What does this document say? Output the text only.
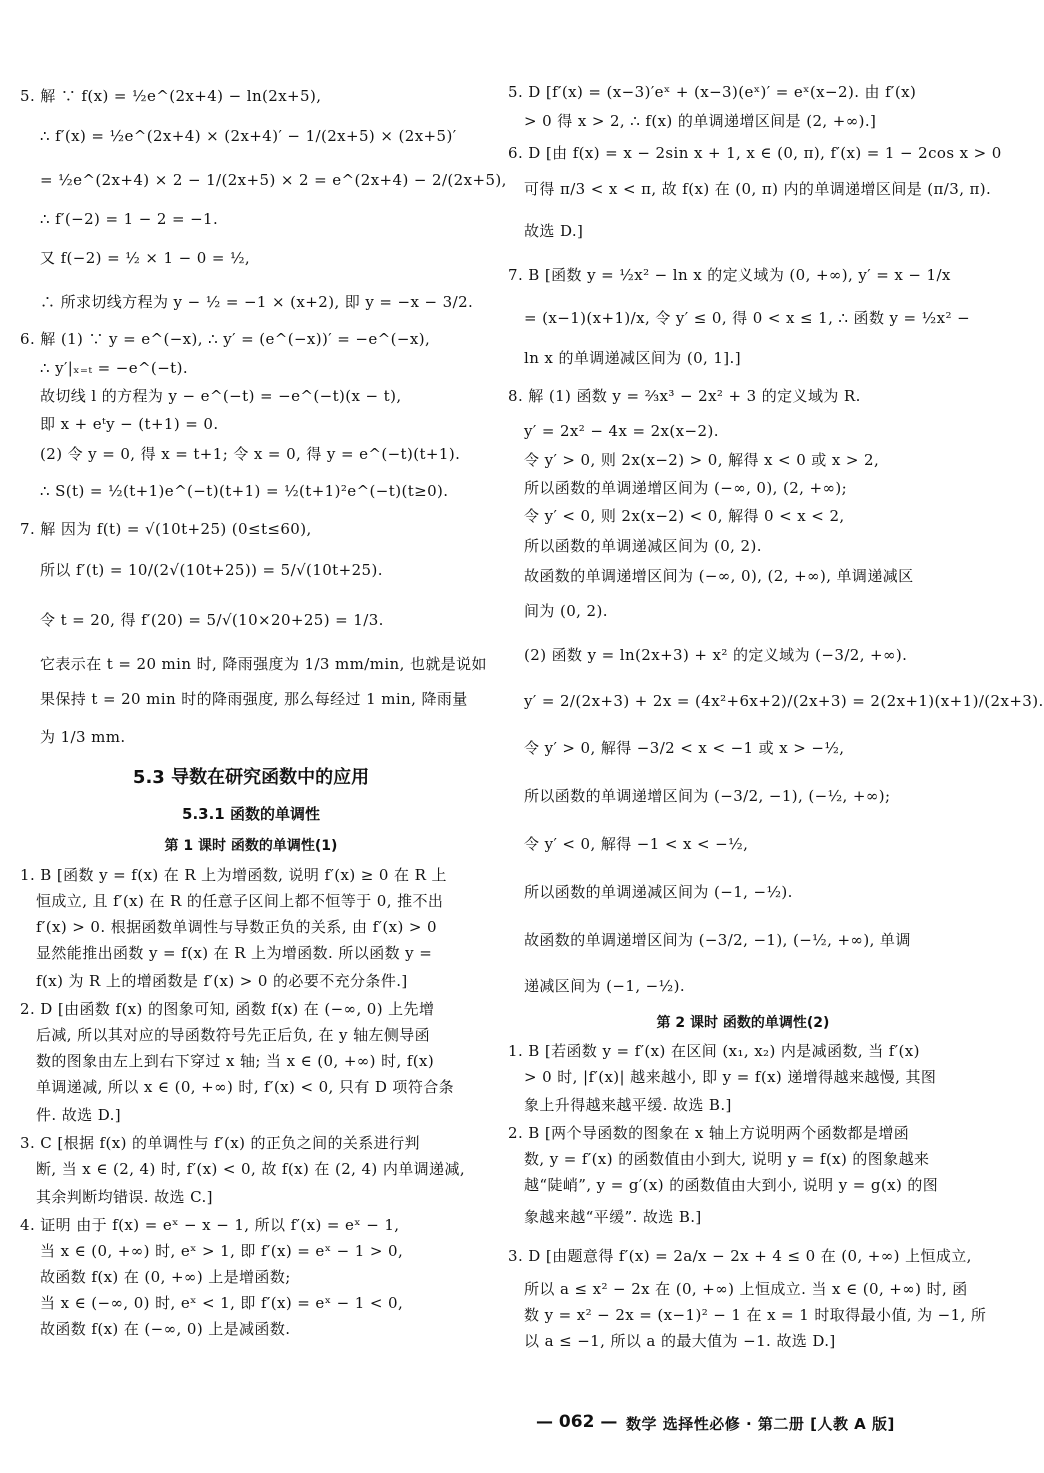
5. 解 ∵ f(x) = ½e^(2x+4) − ln(2x+5),

∴ f′(x) = ½e^(2x+4) × (2x+4)′ − 1/(2x+5) × (2x+5)′

= ½e^(2x+4) × 2 − 1/(2x+5) × 2 = e^(2x+4) − 2/(2x+5),

∴ f′(−2) = 1 − 2 = −1.

又 f(−2) = ½ × 1 − 0 = ½,

∴ 所求切线方程为 y − ½ = −1 × (x+2), 即 y = −x − 3/2.

6. 解 (1) ∵ y = e^(−x), ∴ y′ = (e^(−x))′ = −e^(−x),

∴ y′|ₓ₌ₜ = −e^(−t).

故切线 l 的方程为 y − e^(−t) = −e^(−t)(x − t),

即 x + eᵗy − (t+1) = 0.

(2) 令 y = 0, 得 x = t+1; 令 x = 0, 得 y = e^(−t)(t+1).

∴ S(t) = ½(t+1)e^(−t)(t+1) = ½(t+1)²e^(−t)(t≥0).

7. 解 因为 f(t) = √(10t+25) (0≤t≤60),

所以 f′(t) = 10/(2√(10t+25)) = 5/√(10t+25).

令 t = 20, 得 f′(20) = 5/√(10×20+25) = 1/3.

它表示在 t = 20 min 时, 降雨强度为 1/3 mm/min, 也就是说如

果保持 t = 20 min 时的降雨强度, 那么每经过 1 min, 降雨量

为 1/3 mm.

5.3 导数在研究函数中的应用

5.3.1 函数的单调性

第 1 课时 函数的单调性(1)

1. B [函数 y = f(x) 在 R 上为增函数, 说明 f′(x) ≥ 0 在 R 上

恒成立, 且 f′(x) 在 R 的任意子区间上都不恒等于 0, 推不出

f′(x) > 0. 根据函数单调性与导数正负的关系, 由 f′(x) > 0

显然能推出函数 y = f(x) 在 R 上为增函数. 所以函数 y =

f(x) 为 R 上的增函数是 f′(x) > 0 的必要不充分条件.]

2. D [由函数 f(x) 的图象可知, 函数 f(x) 在 (−∞, 0) 上先增

后减, 所以其对应的导函数符号先正后负, 在 y 轴左侧导函

数的图象由左上到右下穿过 x 轴; 当 x ∈ (0, +∞) 时, f(x)

单调递减, 所以 x ∈ (0, +∞) 时, f′(x) < 0, 只有 D 项符合条

件. 故选 D.]

3. C [根据 f(x) 的单调性与 f′(x) 的正负之间的关系进行判

断, 当 x ∈ (2, 4) 时, f′(x) < 0, 故 f(x) 在 (2, 4) 内单调递减,

其余判断均错误. 故选 C.]

4. 证明 由于 f(x) = eˣ − x − 1, 所以 f′(x) = eˣ − 1,

当 x ∈ (0, +∞) 时, eˣ > 1, 即 f′(x) = eˣ − 1 > 0,

故函数 f(x) 在 (0, +∞) 上是增函数;

当 x ∈ (−∞, 0) 时, eˣ < 1, 即 f′(x) = eˣ − 1 < 0,

故函数 f(x) 在 (−∞, 0) 上是减函数.

5. D [f′(x) = (x−3)′eˣ + (x−3)(eˣ)′ = eˣ(x−2). 由 f′(x)

> 0 得 x > 2, ∴ f(x) 的单调递增区间是 (2, +∞).]

6. D [由 f(x) = x − 2sin x + 1, x ∈ (0, π), f′(x) = 1 − 2cos x > 0

可得 π/3 < x < π, 故 f(x) 在 (0, π) 内的单调递增区间是 (π/3, π).

故选 D.]

7. B [函数 y = ½x² − ln x 的定义域为 (0, +∞), y′ = x − 1/x

= (x−1)(x+1)/x, 令 y′ ≤ 0, 得 0 < x ≤ 1, ∴ 函数 y = ½x² −

ln x 的单调递减区间为 (0, 1].]

8. 解 (1) 函数 y = ⅔x³ − 2x² + 3 的定义域为 R.

y′ = 2x² − 4x = 2x(x−2).

令 y′ > 0, 则 2x(x−2) > 0, 解得 x < 0 或 x > 2,

所以函数的单调递增区间为 (−∞, 0), (2, +∞);

令 y′ < 0, 则 2x(x−2) < 0, 解得 0 < x < 2,

所以函数的单调递减区间为 (0, 2).

故函数的单调递增区间为 (−∞, 0), (2, +∞), 单调递减区

间为 (0, 2).

(2) 函数 y = ln(2x+3) + x² 的定义域为 (−3/2, +∞).

y′ = 2/(2x+3) + 2x = (4x²+6x+2)/(2x+3) = 2(2x+1)(x+1)/(2x+3).

令 y′ > 0, 解得 −3/2 < x < −1 或 x > −½,

所以函数的单调递增区间为 (−3/2, −1), (−½, +∞);

令 y′ < 0, 解得 −1 < x < −½,

所以函数的单调递减区间为 (−1, −½).

故函数的单调递增区间为 (−3/2, −1), (−½, +∞), 单调

递减区间为 (−1, −½).

第 2 课时 函数的单调性(2)

1. B [若函数 y = f′(x) 在区间 (x₁, x₂) 内是减函数, 当 f′(x)

> 0 时, |f′(x)| 越来越小, 即 y = f(x) 递增得越来越慢, 其图

象上升得越来越平缓. 故选 B.]

2. B [两个导函数的图象在 x 轴上方说明两个函数都是增函

数, y = f′(x) 的函数值由小到大, 说明 y = f(x) 的图象越来

越“陡峭”, y = g′(x) 的函数值由大到小, 说明 y = g(x) 的图

象越来越“平缓”. 故选 B.]

3. D [由题意得 f′(x) = 2a/x − 2x + 4 ≤ 0 在 (0, +∞) 上恒成立,

所以 a ≤ x² − 2x 在 (0, +∞) 上恒成立. 当 x ∈ (0, +∞) 时, 函

数 y = x² − 2x = (x−1)² − 1 在 x = 1 时取得最小值, 为 −1, 所

以 a ≤ −1, 所以 a 的最大值为 −1. 故选 D.]

— 062 — 数学 选择性必修 · 第二册 [人教 A 版]
